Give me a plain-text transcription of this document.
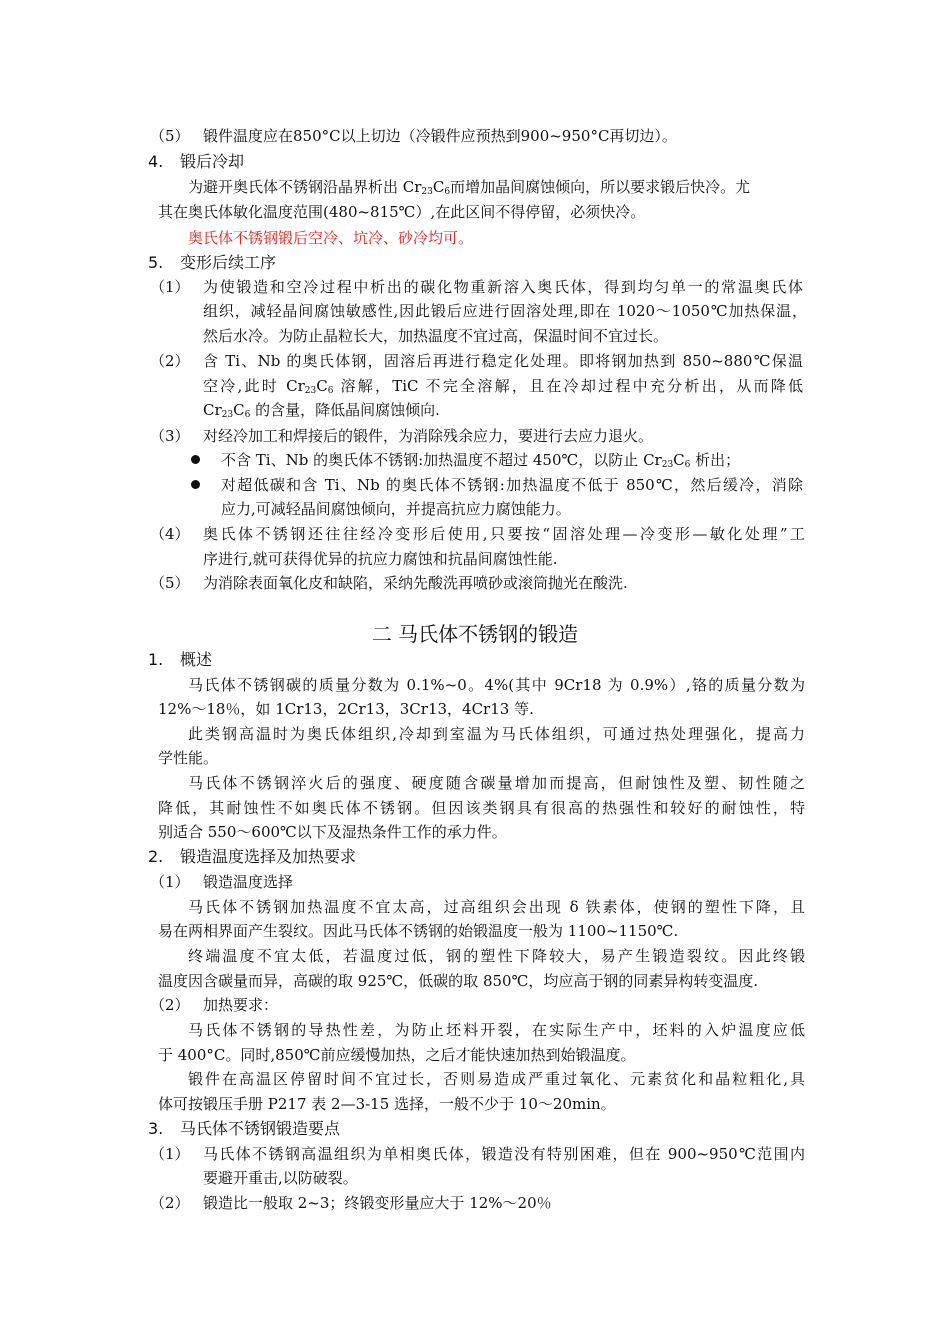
（5） 锻件温度应在850°C以上切边（冷锻件应预热到900~950°C再切边）。
4. 锻后冷却
为避开奥氏体不锈钢沿晶界析出 $Cr_{23}C_6$而增加晶间腐蚀倾向，所以要求锻后快冷。尤
其在奥氏体敏化温度范围(480~815℃）,在此区间不得停留，必须快冷。
奥氏体不锈钢锻后空冷、坑冷、砂冷均可。
5. 变形后续工序
（1） 为使锻造和空冷过程中析出的碳化物重新溶入奥氏体，得到均匀单一的常温奥氏体
组织，减轻晶间腐蚀敏感性,因此锻后应进行固溶处理,即在 1020～1050℃加热保温，
然后水冷。为防止晶粒长大，加热温度不宜过高，保温时间不宜过长。
（2） 含 Ti、Nb 的奥氏体钢，固溶后再进行稳定化处理。即将钢加热到 850~880℃保温
空冷,此时 $Cr_{23}C_6$ 溶解，TiC 不完全溶解，且在冷却过程中充分析出，从而降低
$Cr_{23}C_6$ 的含量，降低晶间腐蚀倾向.
（3） 对经冷加工和焊接后的锻件，为消除残余应力，要进行去应力退火。
不含 Ti、Nb 的奥氏体不锈钢:加热温度不超过 450℃，以防止 $Cr_{23}C_6$ 析出；
对超低碳和含 Ti、Nb 的奥氏体不锈钢:加热温度不低于 850℃，然后缓冷，消除
应力,可减轻晶间腐蚀倾向，并提高抗应力腐蚀能力。
（4） 奥氏体不锈钢还往往经冷变形后使用,只要按“固溶处理—冷变形—敏化处理”工
序进行,就可获得优异的抗应力腐蚀和抗晶间腐蚀性能.
（5） 为消除表面氧化皮和缺陷，采纳先酸洗再喷砂或滚筒抛光在酸洗.
二 马氏体不锈钢的锻造
1. 概述
马氏体不锈钢碳的质量分数为 0.1%~0。4%(其中 9Cr18 为 0.9%）,铬的质量分数为
12%～18％，如 1Cr13，2Cr13，3Cr13，4Cr13 等.
此类钢高温时为奥氏体组织,冷却到室温为马氏体组织，可通过热处理强化，提高力
学性能。
马氏体不锈钢淬火后的强度、硬度随含碳量增加而提高，但耐蚀性及塑、韧性随之
降低，其耐蚀性不如奥氏体不锈钢。但因该类钢具有很高的热强性和较好的耐蚀性，特
别适合 550～600℃以下及湿热条件工作的承力件。
2. 锻造温度选择及加热要求
（1） 锻造温度选择
马氏体不锈钢加热温度不宜太高，过高组织会出现 δ 铁素体，使钢的塑性下降，且
易在两相界面产生裂纹。因此马氏体不锈钢的始锻温度一般为 1100~1150℃.
终端温度不宜太低，若温度过低，钢的塑性下降较大，易产生锻造裂纹。因此终锻
温度因含碳量而异，高碳的取 925℃，低碳的取 850℃，均应高于钢的同素异构转变温度.
（2） 加热要求：
马氏体不锈钢的导热性差，为防止坯料开裂，在实际生产中，坯料的入炉温度应低
于 400°C。同时,850℃前应缓慢加热，之后才能快速加热到始锻温度。
锻件在高温区停留时间不宜过长，否则易造成严重过氧化、元素贫化和晶粒粗化,具
体可按锻压手册 P217 表 2—3-15 选择，一般不少于 10～20min。
3. 马氏体不锈钢锻造要点
（1） 马氏体不锈钢高温组织为单相奥氏体，锻造没有特别困难，但在 900~950℃范围内
要避开重击,以防破裂。
（2） 锻造比一般取 2~3；终锻变形量应大于 12%～20％
